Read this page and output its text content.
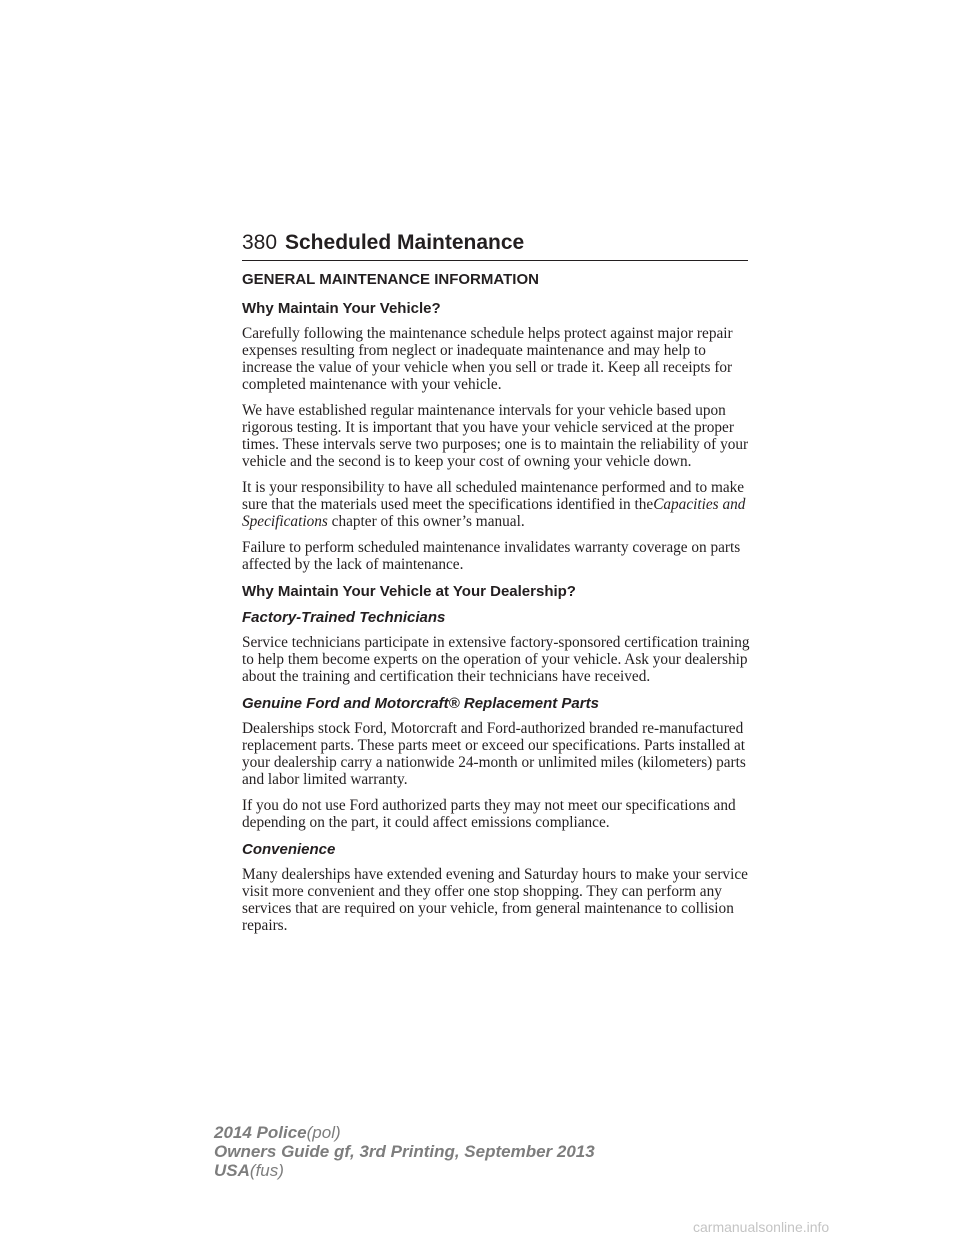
380 Scheduled Maintenance
GENERAL MAINTENANCE INFORMATION
Why Maintain Your Vehicle?

Carefully following the maintenance schedule helps protect against major repair expenses resulting from neglect or inadequate maintenance and may help to increase the value of your vehicle when you sell or trade it. Keep all receipts for completed maintenance with your vehicle.

We have established regular maintenance intervals for your vehicle based upon rigorous testing. It is important that you have your vehicle serviced at the proper times. These intervals serve two purposes; one is to maintain the reliability of your vehicle and the second is to keep your cost of owning your vehicle down.

It is your responsibility to have all scheduled maintenance performed and to make sure that the materials used meet the specifications identified in theCapacities and Specifications chapter of this owner’s manual.

Failure to perform scheduled maintenance invalidates warranty coverage on parts affected by the lack of maintenance.

Why Maintain Your Vehicle at Your Dealership?
Factory-Trained Technicians

Service technicians participate in extensive factory-sponsored certification training to help them become experts on the operation of your vehicle. Ask your dealership about the training and certification their technicians have received.

Genuine Ford and Motorcraft® Replacement Parts

Dealerships stock Ford, Motorcraft and Ford-authorized branded re-manufactured replacement parts. These parts meet or exceed our specifications. Parts installed at your dealership carry a nationwide 24-month or unlimited miles (kilometers) parts and labor limited warranty.

If you do not use Ford authorized parts they may not meet our specifications and depending on the part, it could affect emissions compliance.

Convenience

Many dealerships have extended evening and Saturday hours to make your service visit more convenient and they offer one stop shopping. They can perform any services that are required on your vehicle, from general maintenance to collision repairs.

2014 Police(pol)
Owners Guide gf, 3rd Printing, September 2013
USA(fus)
carmanualsonline.info
